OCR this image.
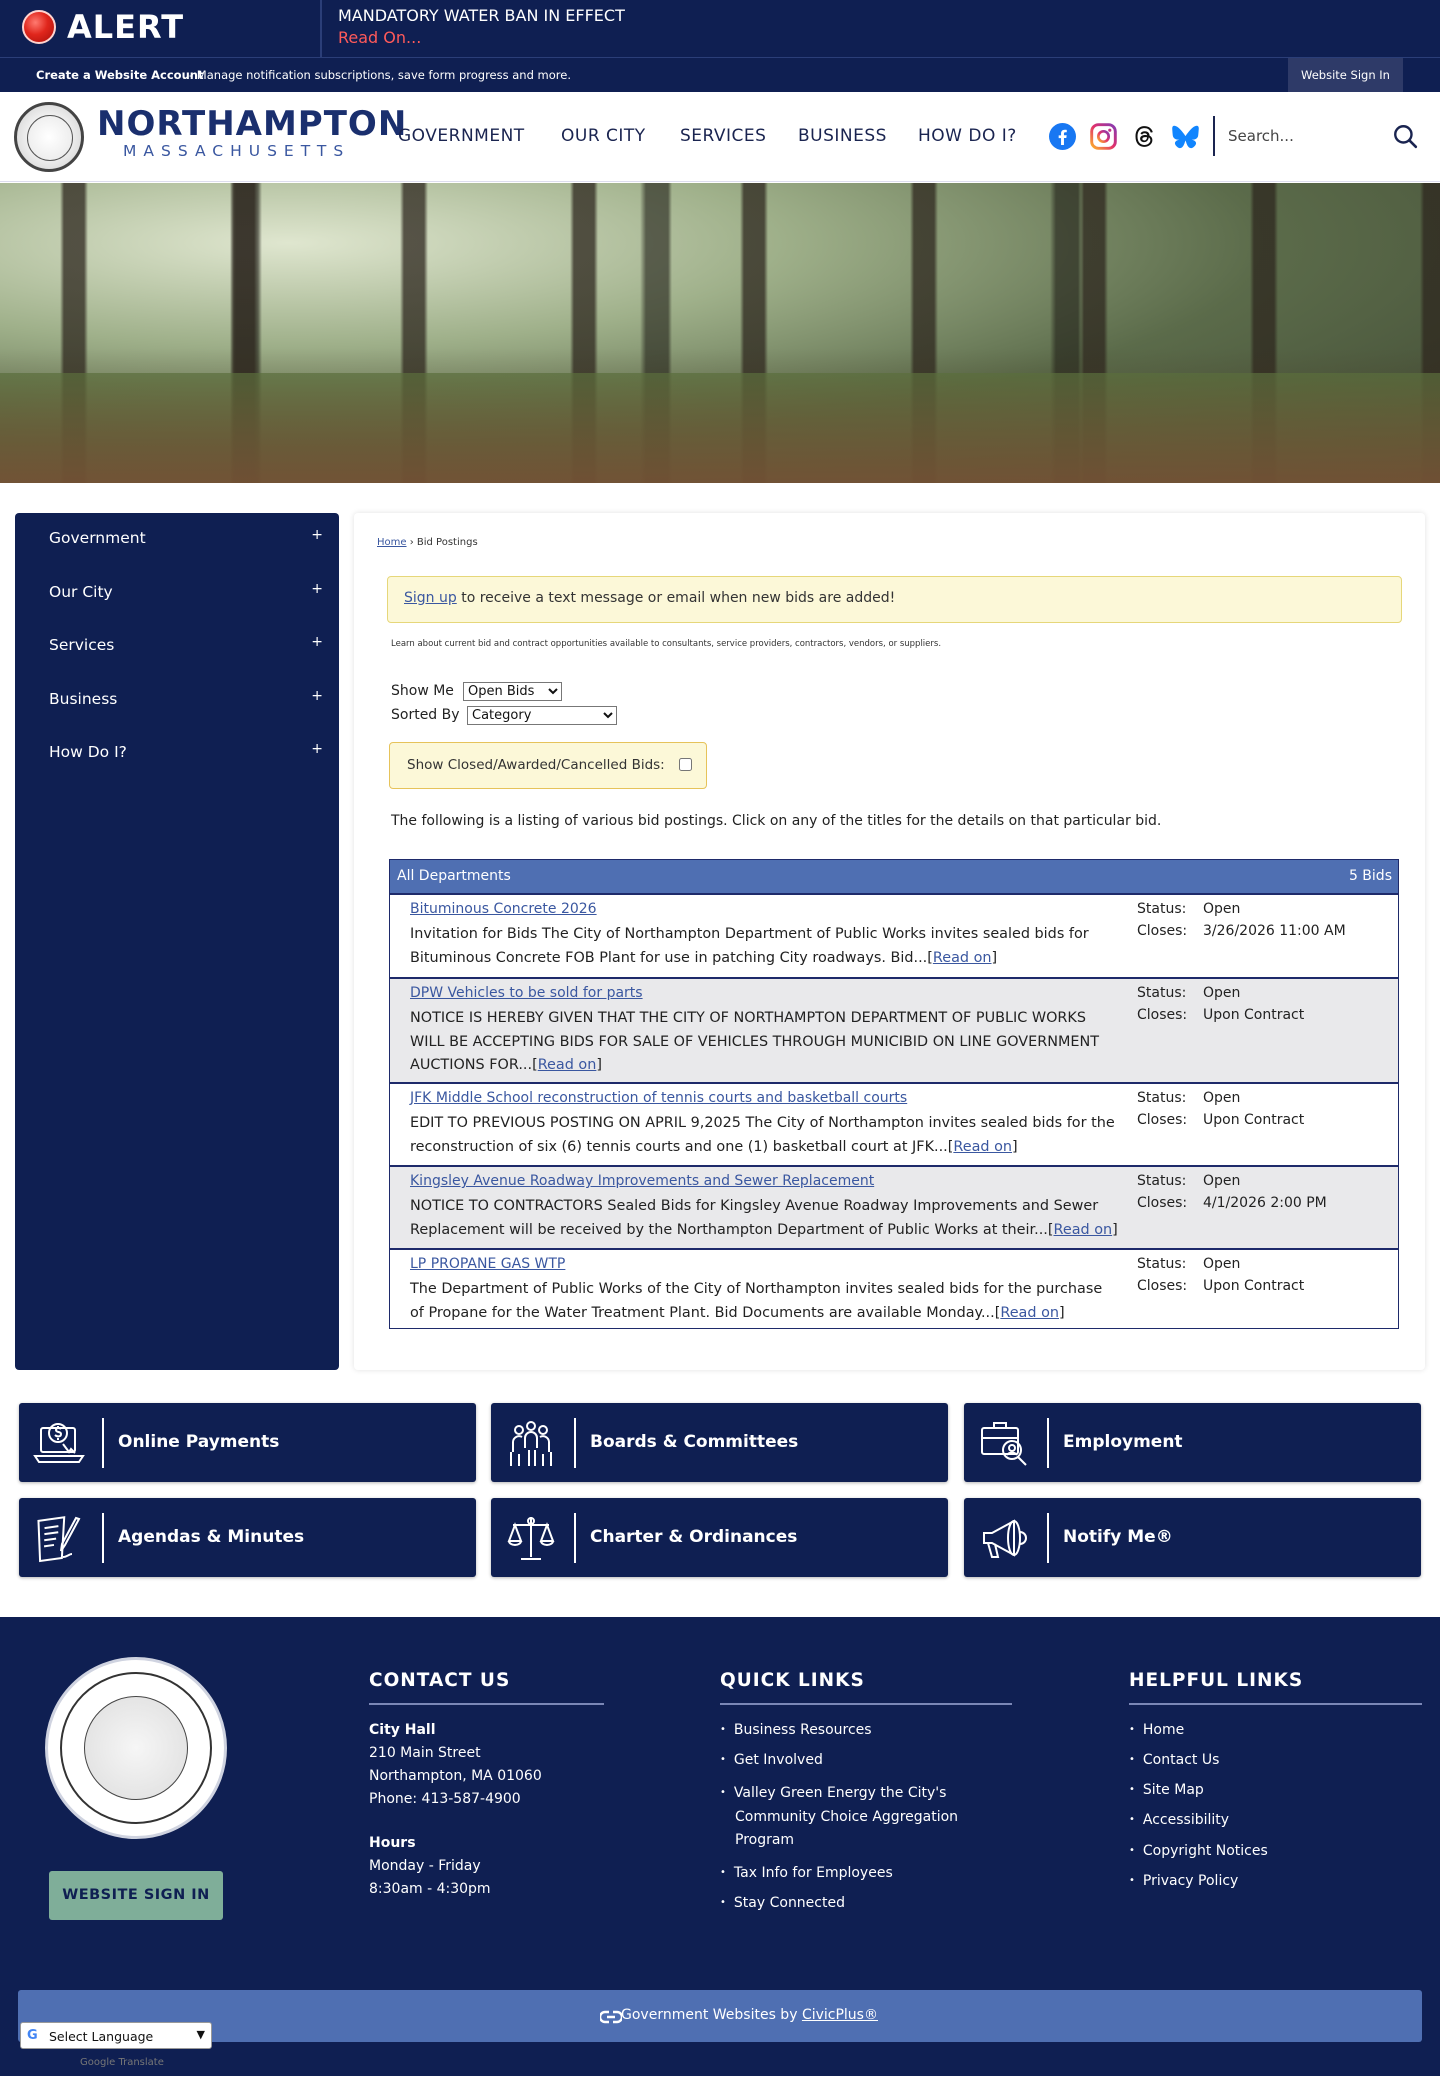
ALERT	MANDATORY WATER BAN IN EFFECT
Read On...
Create a Website Account
- Manage notification subscriptions, save form progress and more.	Website Sign In
NORTHAMPTON
MASSACHUSETTS
GOVERNMENT OUR CITY SERVICES BUSINESS HOW DO I?
Search...
Government	+
Our City	+
Services	+
Business	+
How Do I?	+
Home › Bid Postings
Sign up to receive a text message or email when new bids are added!
Learn about current bid and contract opportunities available to consultants, service providers, contractors, vendors, or suppliers.
Show Me
Open Bids
Sorted By
Category
Show Closed/Awarded/Cancelled Bids:
The following is a listing of various bid postings. Click on any of the titles for the details on that particular bid.
All Departments	5 Bids
Bituminous Concrete 2026
Invitation for Bids The City of Northampton Department of Public Works invites sealed bids for Bituminous Concrete FOB Plant for use in patching City roadways. Bid...[Read on]
Status: Open
Closes: 3/26/2026 11:00 AM
DPW Vehicles to be sold for parts
NOTICE IS HEREBY GIVEN THAT THE CITY OF NORTHAMPTON DEPARTMENT OF PUBLIC WORKS WILL BE ACCEPTING BIDS FOR SALE OF VEHICLES THROUGH MUNICIBID ON LINE GOVERNMENT AUCTIONS FOR...[Read on]
Status: Open
Closes: Upon Contract
JFK Middle School reconstruction of tennis courts and basketball courts
EDIT TO PREVIOUS POSTING ON APRIL 9,2025 The City of Northampton invites sealed bids for the reconstruction of six (6) tennis courts and one (1) basketball court at JFK...[Read on]
Status: Open
Closes: Upon Contract
Kingsley Avenue Roadway Improvements and Sewer Replacement
NOTICE TO CONTRACTORS Sealed Bids for Kingsley Avenue Roadway Improvements and Sewer Replacement will be received by the Northampton Department of Public Works at their...[Read on]
Status: Open
Closes: 4/1/2026 2:00 PM
LP PROPANE GAS WTP
The Department of Public Works of the City of Northampton invites sealed bids for the purchase of Propane for the Water Treatment Plant. Bid Documents are available Monday...[Read on]
Status: Open
Closes: Upon Contract
Online Payments	Boards & Committees	Employment
Agendas & Minutes	Charter & Ordinances	Notify Me®
WEBSITE SIGN IN
CONTACT US
City Hall
210 Main Street
Northampton, MA 01060
Phone: 413-587-4900
Hours
Monday - Friday
8:30am - 4:30pm
QUICK LINKS
• Business Resources
• Get Involved
• Valley Green Energy the City's Community Choice Aggregation Program
• Tax Info for Employees
• Stay Connected
HELPFUL LINKS
• Home
• Contact Us
• Site Map
• Accessibility
• Copyright Notices
• Privacy Policy
Government Websites by CivicPlus®
G Select Language	▼
Google Translate
